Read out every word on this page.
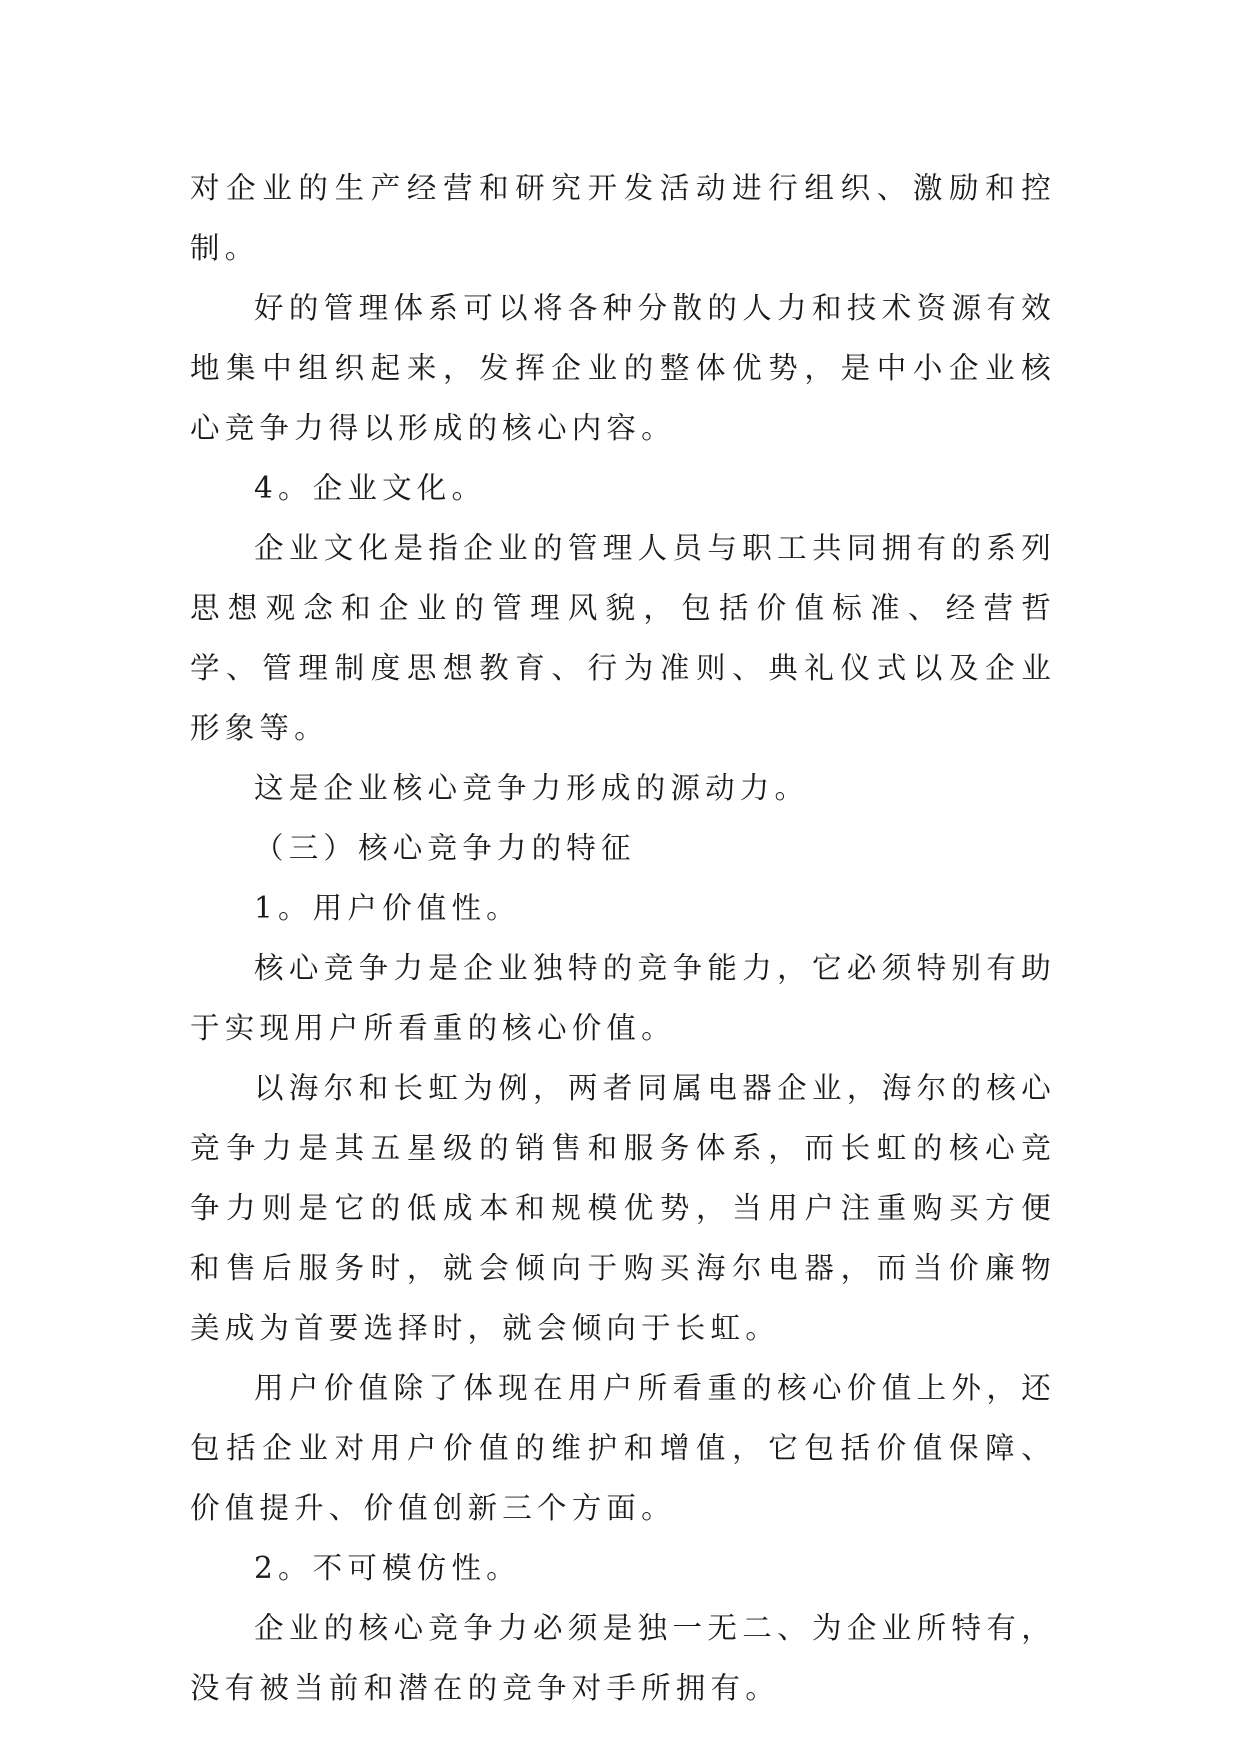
对企业的生产经营和研究开发活动进行组织、激励和控制。

好的管理体系可以将各种分散的人力和技术资源有效地集中组织起来，发挥企业的整体优势，是中小企业核心竞争力得以形成的核心内容。

4。企业文化。

企业文化是指企业的管理人员与职工共同拥有的系列思想观念和企业的管理风貌，包括价值标准、经营哲学、管理制度思想教育、行为准则、典礼仪式以及企业形象等。

这是企业核心竞争力形成的源动力。

（三）核心竞争力的特征

1。用户价值性。

核心竞争力是企业独特的竞争能力，它必须特别有助于实现用户所看重的核心价值。

以海尔和长虹为例，两者同属电器企业，海尔的核心竞争力是其五星级的销售和服务体系，而长虹的核心竞争力则是它的低成本和规模优势，当用户注重购买方便和售后服务时，就会倾向于购买海尔电器，而当价廉物美成为首要选择时，就会倾向于长虹。

用户价值除了体现在用户所看重的核心价值上外，还包括企业对用户价值的维护和增值，它包括价值保障、价值提升、价值创新三个方面。

2。不可模仿性。

企业的核心竞争力必须是独一无二、为企业所特有，没有被当前和潜在的竞争对手所拥有。
